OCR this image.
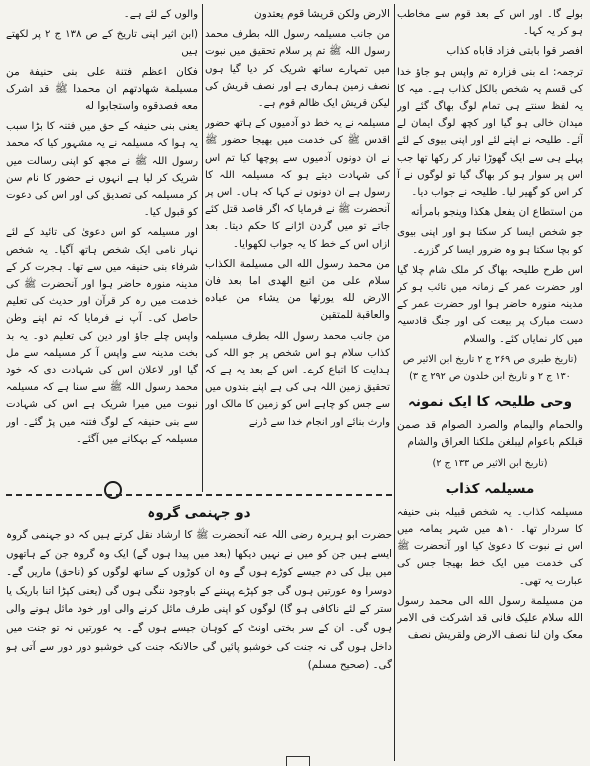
بولے گا۔ اور اس کے بعد قوم سے مخاطب ہو کر یہ کہا۔

افصر قوا بابتی فزاد قاباه کذاب

ترجمہ: اے بنی فزارہ تم واپس ہو جاؤ خدا کی قسم یہ شخص بالکل کذاب ہے۔ میہ کا یہ لفظ سنتے ہی تمام لوگ بھاگ گئے اور میدان خالی ہو گیا اور کچھ لوگ ایمان لے آئے۔ طلیحہ نے اپنے لئے اور اپنی بیوی کے لئے پہلے ہی سے ایک گھوڑا تیار کر رکھا تھا جب اس پر سوار ہو کر بھاگ گیا تو لوگوں نے آ کر اس کو گھیر لیا۔ طلیحہ نے جواب دیا۔

من استطاع ان یفعل هکذا وینجو بامرأته

جو شخص ایسا کر سکتا ہو اور اپنی بیوی کو بچا سکتا ہو وہ ضرور ایسا کر گزرے۔

اس طرح طلیحہ بھاگ کر ملک شام چلا گیا اور حضرت عمر کے زمانہ میں تائب ہو کر مدینہ منورہ حاضر ہوا اور حضرت عمر کے دست مبارک پر بیعت کی اور جنگ قادسیہ میں کار نمایاں کئے۔ والسلام

(تاریخ طبری ص ۲۶۹ ج ۲ تاریخ ابن الاثیر ص ۱۳۰ ج ۲ و تاریخ ابن خلدون ص ۲۹۲ ج ۳)

وحی طلیحہ کا ایک نمونہ

والحمام والیمام والصرد الصوام قد صمن قبلکم باعوام لیبلغن ملکنا العراق والشام

(تاریخ ابن الاثیر ص ۱۳۳ ج ۲)

مسیلمہ کذاب

مسیلمہ کذاب۔ یہ شخص قبیلہ بنی حنیفہ کا سردار تھا۔ ۱۰ھ میں شہر یمامہ میں اس نے نبوت کا دعویٰ کیا اور آنحضرت ﷺ کی خدمت میں ایک خط بھیجا جس کی عبارت یہ تھی۔

من مسیلمة رسول الله الی محمد رسول الله سلام علیک فانی قد اشرکت فی الامر معک وان لنا نصف الارض ولقریش نصف

الارض ولکن قریشا قوم یعتدون

من جانب مسیلمہ رسول اللہ بطرف محمد رسول اللہ ﷺ تم پر سلام تحقیق میں نبوت میں تمہارے ساتھ شریک کر دیا گیا ہوں نصف زمین ہماری ہے اور نصف قریش کی لیکن قریش ایک ظالم قوم ہے۔

مسیلمہ نے یہ خط دو آدمیوں کے ہاتھ حضور اقدس ﷺ کی خدمت میں بھیجا حضور ﷺ نے ان دونوں آدمیوں سے پوچھا کیا تم اس کی شہادت دیتے ہو کہ مسیلمہ اللہ کا رسول ہے ان دونوں نے کہا کہ ہاں۔ اس پر آنحضرت ﷺ نے فرمایا کہ اگر قاصد قتل کئے جاتے تو میں گردن اڑانے کا حکم دیتا۔ بعد ازاں اس کے خط کا یہ جواب لکھوایا۔

من محمد رسول الله الی مسیلمة الکذاب سلام علی من اتبع الهدی اما بعد فان الارض لله یورثها من یشاء من عباده والعاقبة للمتقین

من جانب محمد رسول اللہ بطرف مسیلمہ کذاب سلام ہو اس شخص پر جو اللہ کی ہدایت کا اتباع کرے۔ اس کے بعد یہ ہے کہ تحقیق زمین اللہ ہی کی ہے اپنے بندوں میں سے جس کو چاہے اس کو زمین کا مالک اور وارث بنائے اور انجام خدا سے ڈرنے

والوں کے لئے ہے۔

(ابن اثیر اپنی تاریخ کے ص ۱۳۸ ج ۲ پر لکھتے ہیں

فکان اعظم فتنة علی بنی حنیفة من مسیلمة شهادتهم ان محمدا ﷺ قد اشرک معه فصدقوه واستجابوا له

یعنی بنی حنیفہ کے حق میں فتنہ کا بڑا سبب یہ ہوا کہ مسیلمہ نے یہ مشہور کیا کہ محمد رسول اللہ ﷺ نے مجھ کو اپنی رسالت میں شریک کر لیا ہے انہوں نے حضور کا نام سن کر مسیلمہ کی تصدیق کی اور اس کی دعوت کو قبول کیا۔

اور مسیلمہ کو اس دعویٰ کی تائید کے لئے نہار نامی ایک شخص ہاتھ آگیا۔ یہ شخص شرفاء بنی حنیفہ میں سے تھا۔ ہجرت کر کے مدینہ منورہ حاضر ہوا اور آنحضرت ﷺ کی خدمت میں رہ کر قرآن اور حدیث کی تعلیم حاصل کی۔ آپ نے فرمایا کہ تم اپنے وطن واپس چلے جاؤ اور دین کی تعلیم دو۔ یہ بد بخت مدینہ سے واپس آ کر مسیلمہ سے مل گیا اور لاعلان اس کی شہادت دی کہ خود محمد رسول اللہ ﷺ سے سنا ہے کہ مسیلمہ نبوت میں میرا شریک ہے اس کی شہادت سے بنی حنیفہ کے لوگ فتنہ میں پڑ گئے۔ اور مسیلمہ کے بہکانے میں آگئے۔

دو جہنمی گروہ

حضرت ابو ہریرہ رضی اللہ عنہ آنحضرت ﷺ کا ارشاد نقل کرتے ہیں کہ دو جہنمی گروہ ایسے ہیں جن کو میں نے نہیں دیکھا (بعد میں پیدا ہوں گے) ایک وہ گروہ جن کے ہاتھوں میں بیل کی دم جیسے کوڑے ہوں گے وہ ان کوڑوں کے ساتھ لوگوں کو (ناحق) ماریں گے۔ دوسرا وہ عورتیں ہوں گی جو کپڑے پہننے کے باوجود ننگی ہوں گی (یعنی کپڑا اتنا باریک یا ستر کے لئے ناکافی ہو گا) لوگوں کو اپنی طرف مائل کرنے والی اور خود مائل ہونے والی ہوں گی۔ ان کے سر بختی اونٹ کے کوہان جیسے ہوں گے۔ یہ عورتیں نہ تو جنت میں داخل ہوں گی نہ جنت کی خوشبو پائیں گی حالانکہ جنت کی خوشبو دور دور سے آتی ہو گی۔ (صحیح مسلم)
